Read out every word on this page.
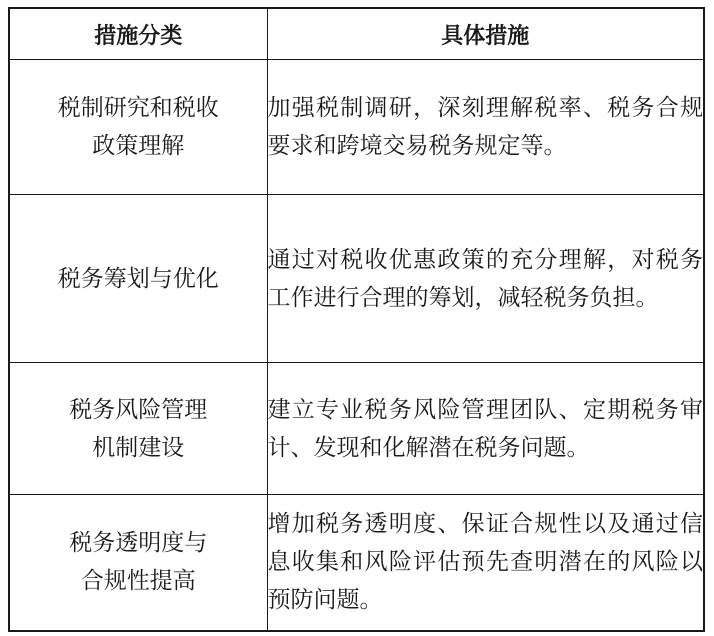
措施分类	具体措施

税制研究和税收
政策理解	加强税制调研，深刻理解税率、税务合规要求和跨境交易税务规定等。

税务筹划与优化	通过对税收优惠政策的充分理解，对税务工作进行合理的筹划，减轻税务负担。

税务风险管理
机制建设	建立专业税务风险管理团队、定期税务审计、发现和化解潜在税务问题。

税务透明度与
合规性提高	增加税务透明度、保证合规性以及通过信息收集和风险评估预先查明潜在的风险以预防问题。
